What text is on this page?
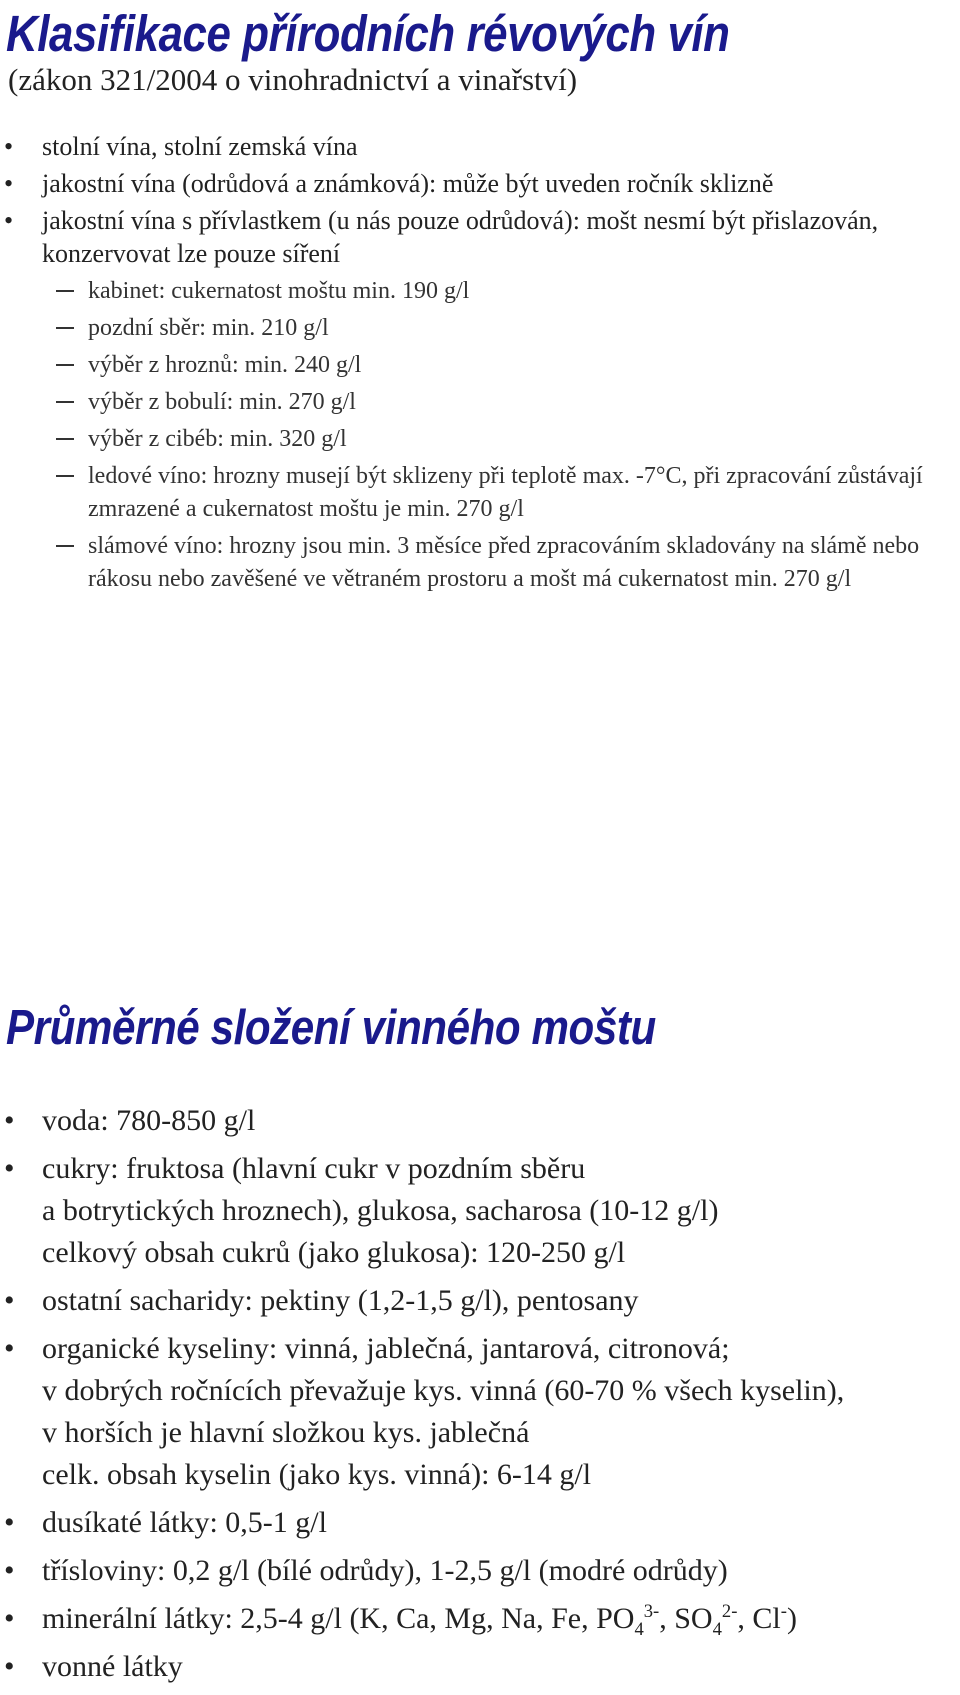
Klasifikace přírodních révových vín

(zákon 321/2004 o vinohradnictví a vinařství)

• stolní vína, stolní zemská vína
• jakostní vína (odrůdová a známková): může být uveden ročník sklizně
• jakostní vína s přívlastkem (u nás pouze odrůdová): mošt nesmí být přislazován, konzervovat lze pouze síření
kabinet: cukernatost moštu min. 190 g/l
pozdní sběr: min. 210 g/l
výběr z hroznů: min. 240 g/l
výběr z bobulí: min. 270 g/l
výběr z cibéb: min. 320 g/l
ledové víno: hrozny musejí být sklizeny při teplotě max. -7°C, při zpracování zůstávají zmrazené a cukernatost moštu je min. 270 g/l
slámové víno: hrozny jsou min. 3 měsíce před zpracováním skladovány na slámě nebo rákosu nebo zavěšené ve větraném prostoru a mošt má cukernatost min. 270 g/l
Průměrné složení vinného moštu
• voda: 780-850 g/l
• cukry: fruktosa (hlavní cukr v pozdním sběru
a botrytických hroznech), glukosa, sacharosa (10-12 g/l)
celkový obsah cukrů (jako glukosa): 120-250 g/l
• ostatní sacharidy: pektiny (1,2-1,5 g/l), pentosany
• organické kyseliny: vinná, jablečná, jantarová, citronová;
v dobrých ročnících převažuje kys. vinná (60-70 % všech kyselin),
v horších je hlavní složkou kys. jablečná
celk. obsah kyselin (jako kys. vinná): 6-14 g/l
• dusíkaté látky: 0,5-1 g/l
• třísloviny: 0,2 g/l (bílé odrůdy), 1-2,5 g/l (modré odrůdy)
• minerální látky: 2,5-4 g/l (K, Ca, Mg, Na, Fe, $PO_4^{3-}$, $SO_4^{2-}$, Cl-)
• vonné látky
